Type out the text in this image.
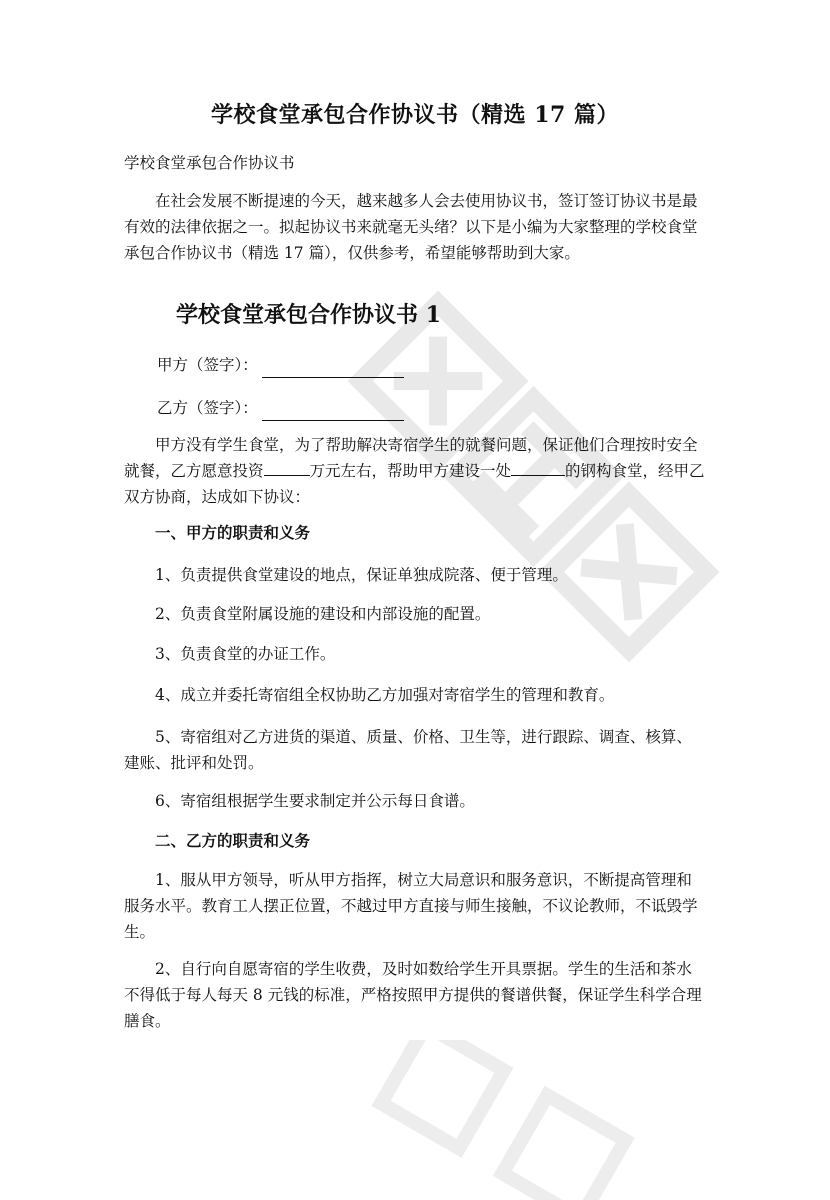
学校食堂承包合作协议书（精选 17 篇）
学校食堂承包合作协议书
在社会发展不断提速的今天，越来越多人会去使用协议书，签订签订协议书是最有效的法律依据之一。拟起协议书来就毫无头绪？以下是小编为大家整理的学校食堂承包合作协议书（精选 17 篇），仅供参考，希望能够帮助到大家。
学校食堂承包合作协议书 1
甲方（签字）：
乙方（签字）：
甲方没有学生食堂，为了帮助解决寄宿学生的就餐问题，保证他们合理按时安全就餐，乙方愿意投资	万元左右，帮助甲方建设一处	的钢构食堂，经甲乙双方协商，达成如下协议：
一、甲方的职责和义务
1、负责提供食堂建设的地点，保证单独成院落、便于管理。
2、负责食堂附属设施的建设和内部设施的配置。
3、负责食堂的办证工作。
4、成立并委托寄宿组全权协助乙方加强对寄宿学生的管理和教育。
5、寄宿组对乙方进货的渠道、质量、价格、卫生等，进行跟踪、调查、核算、建账、批评和处罚。
6、寄宿组根据学生要求制定并公示每日食谱。
二、乙方的职责和义务
1、服从甲方领导，听从甲方指挥，树立大局意识和服务意识，不断提高管理和服务水平。教育工人摆正位置，不越过甲方直接与师生接触，不议论教师，不诋毁学生。
2、自行向自愿寄宿的学生收费，及时如数给学生开具票据。学生的生活和茶水不得低于每人每天 8 元钱的标准，严格按照甲方提供的餐谱供餐，保证学生科学合理膳食。
